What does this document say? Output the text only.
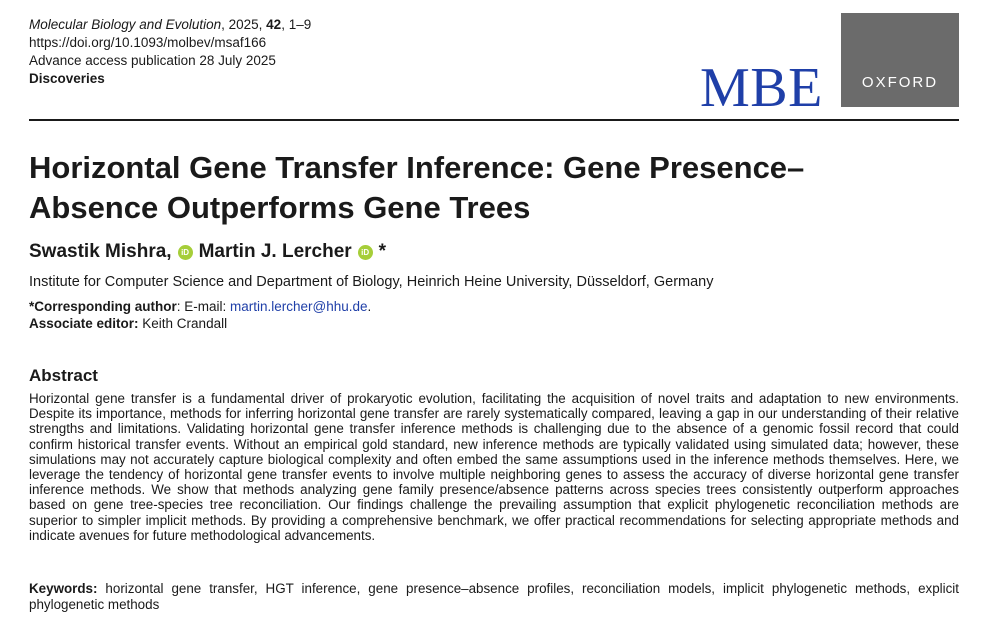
Molecular Biology and Evolution, 2025, 42, 1–9
https://doi.org/10.1093/molbev/msaf166
Advance access publication 28 July 2025
Discoveries	MBE	OXFORD
Horizontal Gene Transfer Inference: Gene Presence–Absence Outperforms Gene Trees
Swastik Mishra,	iD Martin J. Lercher	iD *
Institute for Computer Science and Department of Biology, Heinrich Heine University, Düsseldorf, Germany
*Corresponding author: E-mail: martin.lercher@hhu.de.
Associate editor: Keith Crandall
Abstract
Horizontal gene transfer is a fundamental driver of prokaryotic evolution, facilitating the acquisition of novel traits and adaptation to new environments. Despite its importance, methods for inferring horizontal gene transfer are rarely systematically compared, leaving a gap in our understanding of their relative strengths and limitations. Validating horizontal gene transfer inference methods is challenging due to the absence of a genomic fossil record that could confirm historical transfer events. Without an empirical gold standard, new inference methods are typically validated using simulated data; however, these simulations may not accurately capture biological complexity and often embed the same assumptions used in the inference methods themselves. Here, we leverage the tendency of horizontal gene transfer events to involve multiple neighboring genes to assess the accuracy of diverse horizontal gene transfer inference methods. We show that methods analyzing gene family presence/absence patterns across species trees consistently outperform approaches based on gene tree-species tree reconciliation. Our findings challenge the prevailing assumption that explicit phylogenetic reconciliation methods are superior to simpler implicit methods. By providing a comprehensive benchmark, we offer practical recommendations for selecting appropriate methods and indicate avenues for future methodological advancements.
Keywords: horizontal gene transfer, HGT inference, gene presence–absence profiles, reconciliation models, implicit phylogenetic methods, explicit phylogenetic methods
